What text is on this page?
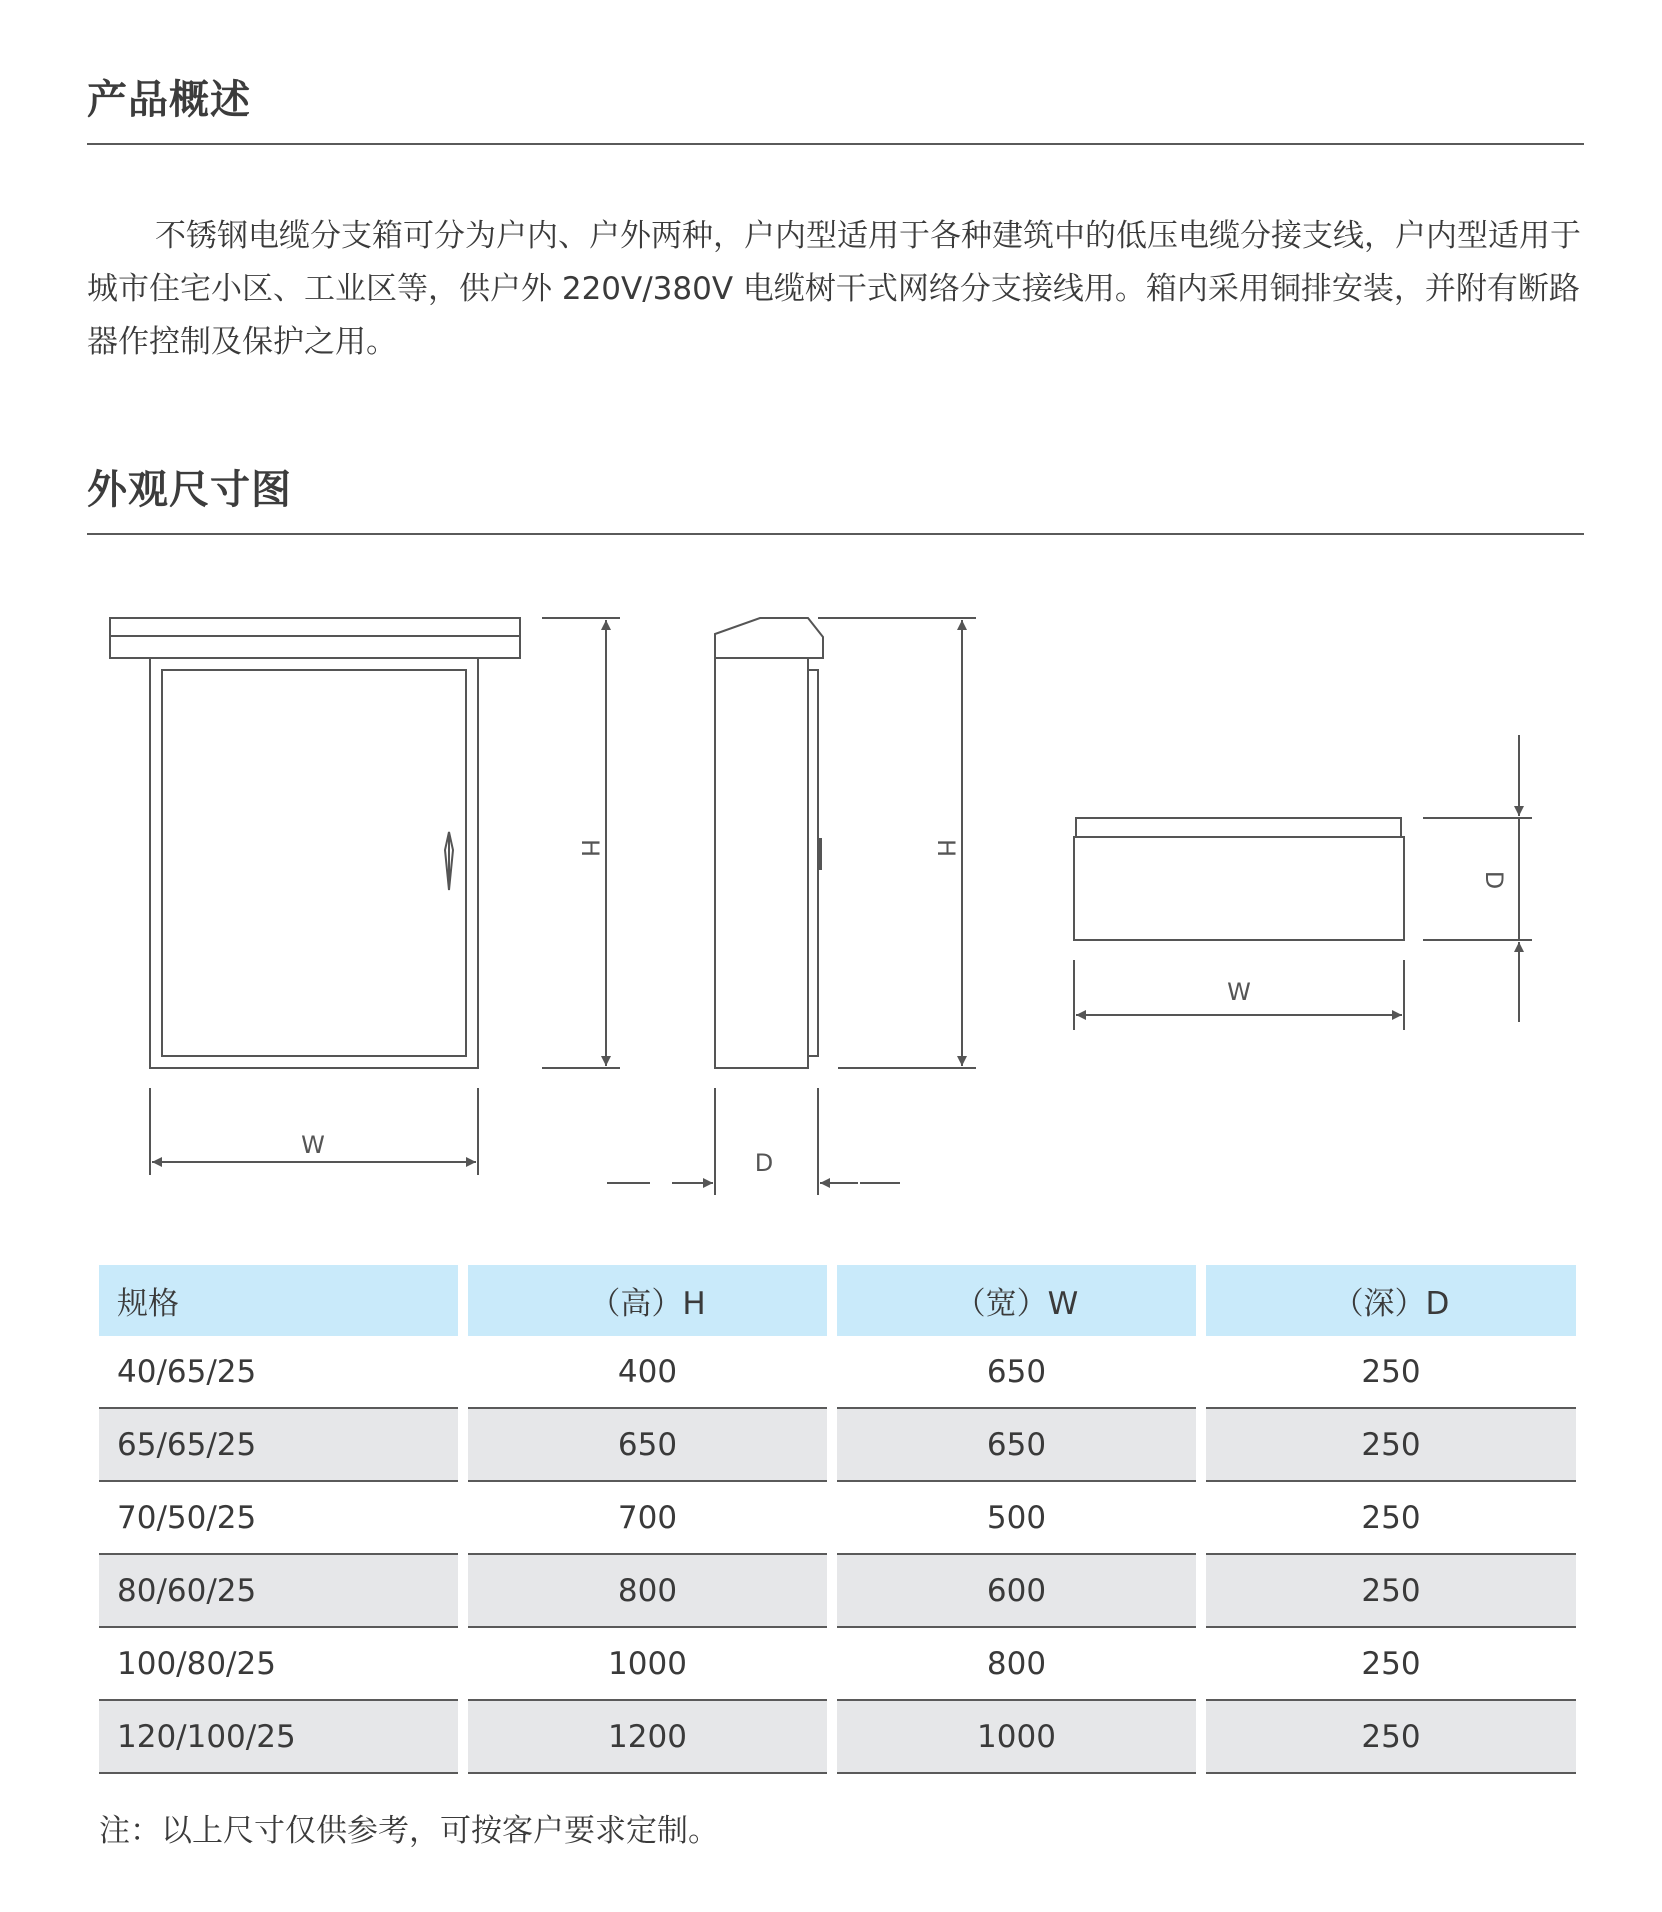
产品概述

不锈钢电缆分支箱可分为户内、户外两种，户内型适用于各种建筑中的低压电缆分接支线，户内型适用于城市住宅小区、工业区等，供户外 220V/380V 电缆树干式网络分支接线用。箱内采用铜排安装，并附有断路器作控制及保护之用。

外观尺寸图
H	H
W
D
D
W
规格	（高）H	（宽）W	（深）D
40/65/25	400	650	250
65/65/25	650	650	250
70/50/25	700	500	250
80/60/25	800	600	250
100/80/25	1000	800	250
120/100/25	1200	1000	250

注：以上尺寸仅供参考，可按客户要求定制。
